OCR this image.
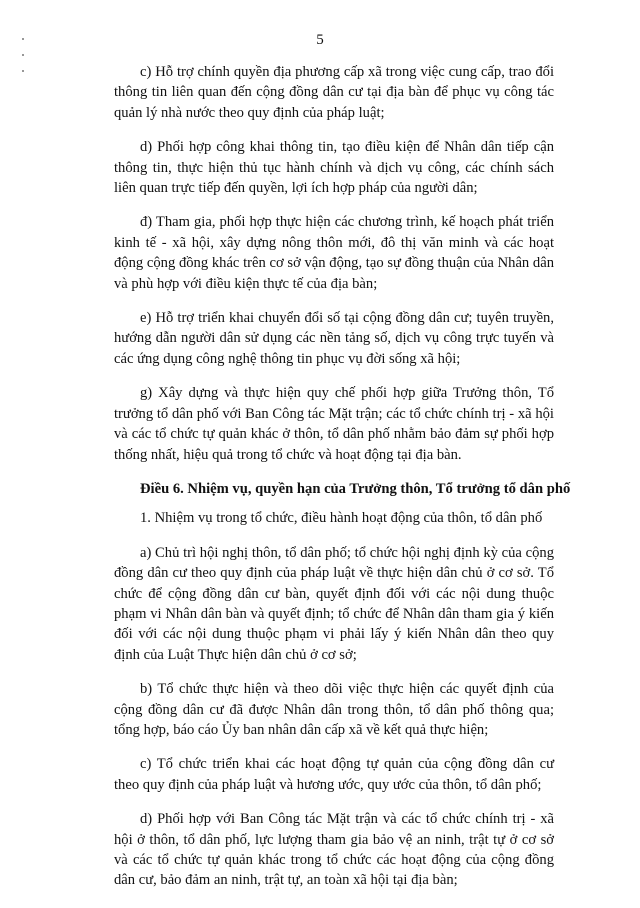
5

c) Hỗ trợ chính quyền địa phương cấp xã trong việc cung cấp, trao đổi thông tin liên quan đến cộng đồng dân cư tại địa bàn để phục vụ công tác quản lý nhà nước theo quy định của pháp luật;

d) Phối hợp công khai thông tin, tạo điều kiện để Nhân dân tiếp cận thông tin, thực hiện thủ tục hành chính và dịch vụ công, các chính sách liên quan trực tiếp đến quyền, lợi ích hợp pháp của người dân;

đ) Tham gia, phối hợp thực hiện các chương trình, kế hoạch phát triển kinh tế - xã hội, xây dựng nông thôn mới, đô thị văn minh và các hoạt động cộng đồng khác trên cơ sở vận động, tạo sự đồng thuận của Nhân dân và phù hợp với điều kiện thực tế của địa bàn;

e) Hỗ trợ triển khai chuyển đổi số tại cộng đồng dân cư; tuyên truyền, hướng dẫn người dân sử dụng các nền tảng số, dịch vụ công trực tuyến và các ứng dụng công nghệ thông tin phục vụ đời sống xã hội;

g) Xây dựng và thực hiện quy chế phối hợp giữa Trưởng thôn, Tổ trưởng tổ dân phố với Ban Công tác Mặt trận; các tổ chức chính trị - xã hội và các tổ chức tự quản khác ở thôn, tổ dân phố nhằm bảo đảm sự phối hợp thống nhất, hiệu quả trong tổ chức và hoạt động tại địa bàn.

Điều 6. Nhiệm vụ, quyền hạn của Trưởng thôn, Tổ trưởng tổ dân phố

1. Nhiệm vụ trong tổ chức, điều hành hoạt động của thôn, tổ dân phố

a) Chủ trì hội nghị thôn, tổ dân phố; tổ chức hội nghị định kỳ của cộng đồng dân cư theo quy định của pháp luật về thực hiện dân chủ ở cơ sở. Tổ chức để cộng đồng dân cư bàn, quyết định đối với các nội dung thuộc phạm vi Nhân dân bàn và quyết định; tổ chức để Nhân dân tham gia ý kiến đối với các nội dung thuộc phạm vi phải lấy ý kiến Nhân dân theo quy định của Luật Thực hiện dân chủ ở cơ sở;

b) Tổ chức thực hiện và theo dõi việc thực hiện các quyết định của cộng đồng dân cư đã được Nhân dân trong thôn, tổ dân phố thông qua; tổng hợp, báo cáo Ủy ban nhân dân cấp xã về kết quả thực hiện;

c) Tổ chức triển khai các hoạt động tự quản của cộng đồng dân cư theo quy định của pháp luật và hương ước, quy ước của thôn, tổ dân phố;

d) Phối hợp với Ban Công tác Mặt trận và các tổ chức chính trị - xã hội ở thôn, tổ dân phố, lực lượng tham gia bảo vệ an ninh, trật tự ở cơ sở và các tổ chức tự quản khác trong tổ chức các hoạt động của cộng đồng dân cư, bảo đảm an ninh, trật tự, an toàn xã hội tại địa bàn;
